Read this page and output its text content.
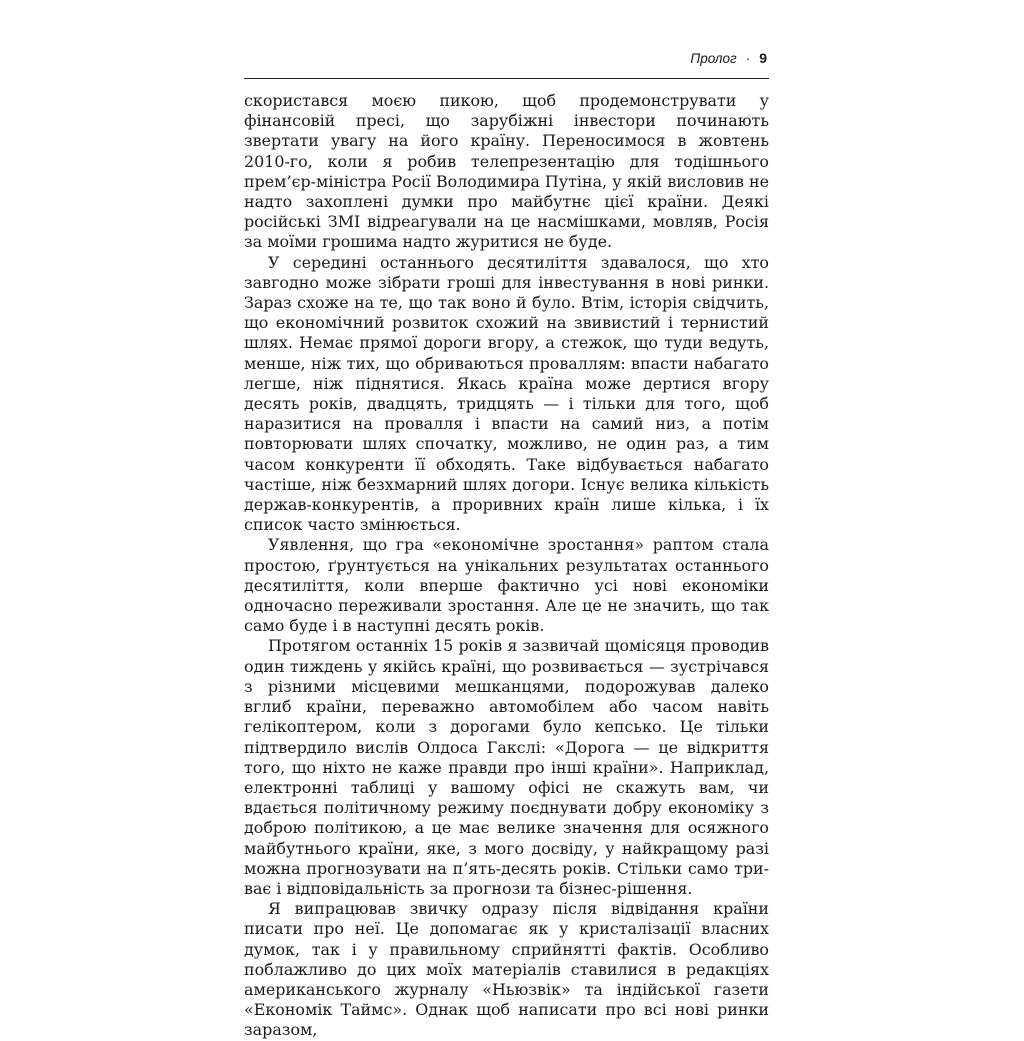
Пролог · 9

скористався моєю пикою, щоб продемонструвати у фінансовій пресі, що зарубіжні інвестори починають звертати увагу на його країну. Переносимося в жовтень 2010-го, коли я робив телепрезентацію для тодішнього прем’єр-міністра Росії Володимира Путіна, у якій висловив не надто захоплені думки про майбутнє цієї країни. Деякі російські ЗМІ відреагували на це насмішками, мовляв, Росія за моїми грошима надто журитися не буде.

У середині останнього десятиліття здавалося, що хто завгодно може зібрати гроші для інвестування в нові ринки. Зараз схоже на те, що так воно й було. Втім, історія свідчить, що економічний розвиток схожий на звивистий і тернистий шлях. Немає прямої дороги вгору, а стежок, що туди ведуть, менше, ніж тих, що обриваються проваллям: впасти набагато легше, ніж піднятися. Якась країна може дертися вгору десять років, двадцять, тридцять — і тільки для того, щоб наразитися на провалля і впасти на самий низ, а потім повторювати шлях спочатку, можливо, не один раз, а тим часом конкуренти її обходять. Таке відбувається набагато частіше, ніж безхмарний шлях догори. Існує велика кількість держав-конкурентів, а проривних країн лише кілька, і їх список часто змінюється.

Уявлення, що гра «економічне зростання» раптом стала простою, ґрунтується на унікальних результатах останнього десятиліття, коли вперше фактично усі нові економіки одночасно переживали зростання. Але це не значить, що так само буде і в наступні десять років.

Протягом останніх 15 років я зазвичай щомісяця проводив один тиждень у якійсь країні, що розвивається — зустрічався з різними місцевими мешканцями, подорожував далеко вглиб країни, переважно автомобілем або часом навіть гелікоптером, коли з дорогами було кепсько. Це тільки підтвердило вислів Олдоса Гакслі: «Дорога — це відкриття того, що ніхто не каже правди про інші країни». Наприклад, електронні таблиці у вашому офісі не скажуть вам, чи вдається політичному режиму поєднувати добру економіку з доброю політикою, а це має велике значення для осяжного майбутнього країни, яке, з мого досвіду, у найкращому разі можна прогнозувати на п’ять-десять років. Стільки само триває і відповідальність за прогнози та бізнес-рішення.

Я випрацював звичку одразу після відвідання країни писати про неї. Це допомагає як у кристалізації власних думок, так і у правильному сприйнятті фактів. Особливо поблажливо до цих моїх матеріалів ставилися в редакціях американського журналу «Ньюзвік» та індійської газети «Економік Таймс». Однак щоб написати про всі нові ринки заразом,
